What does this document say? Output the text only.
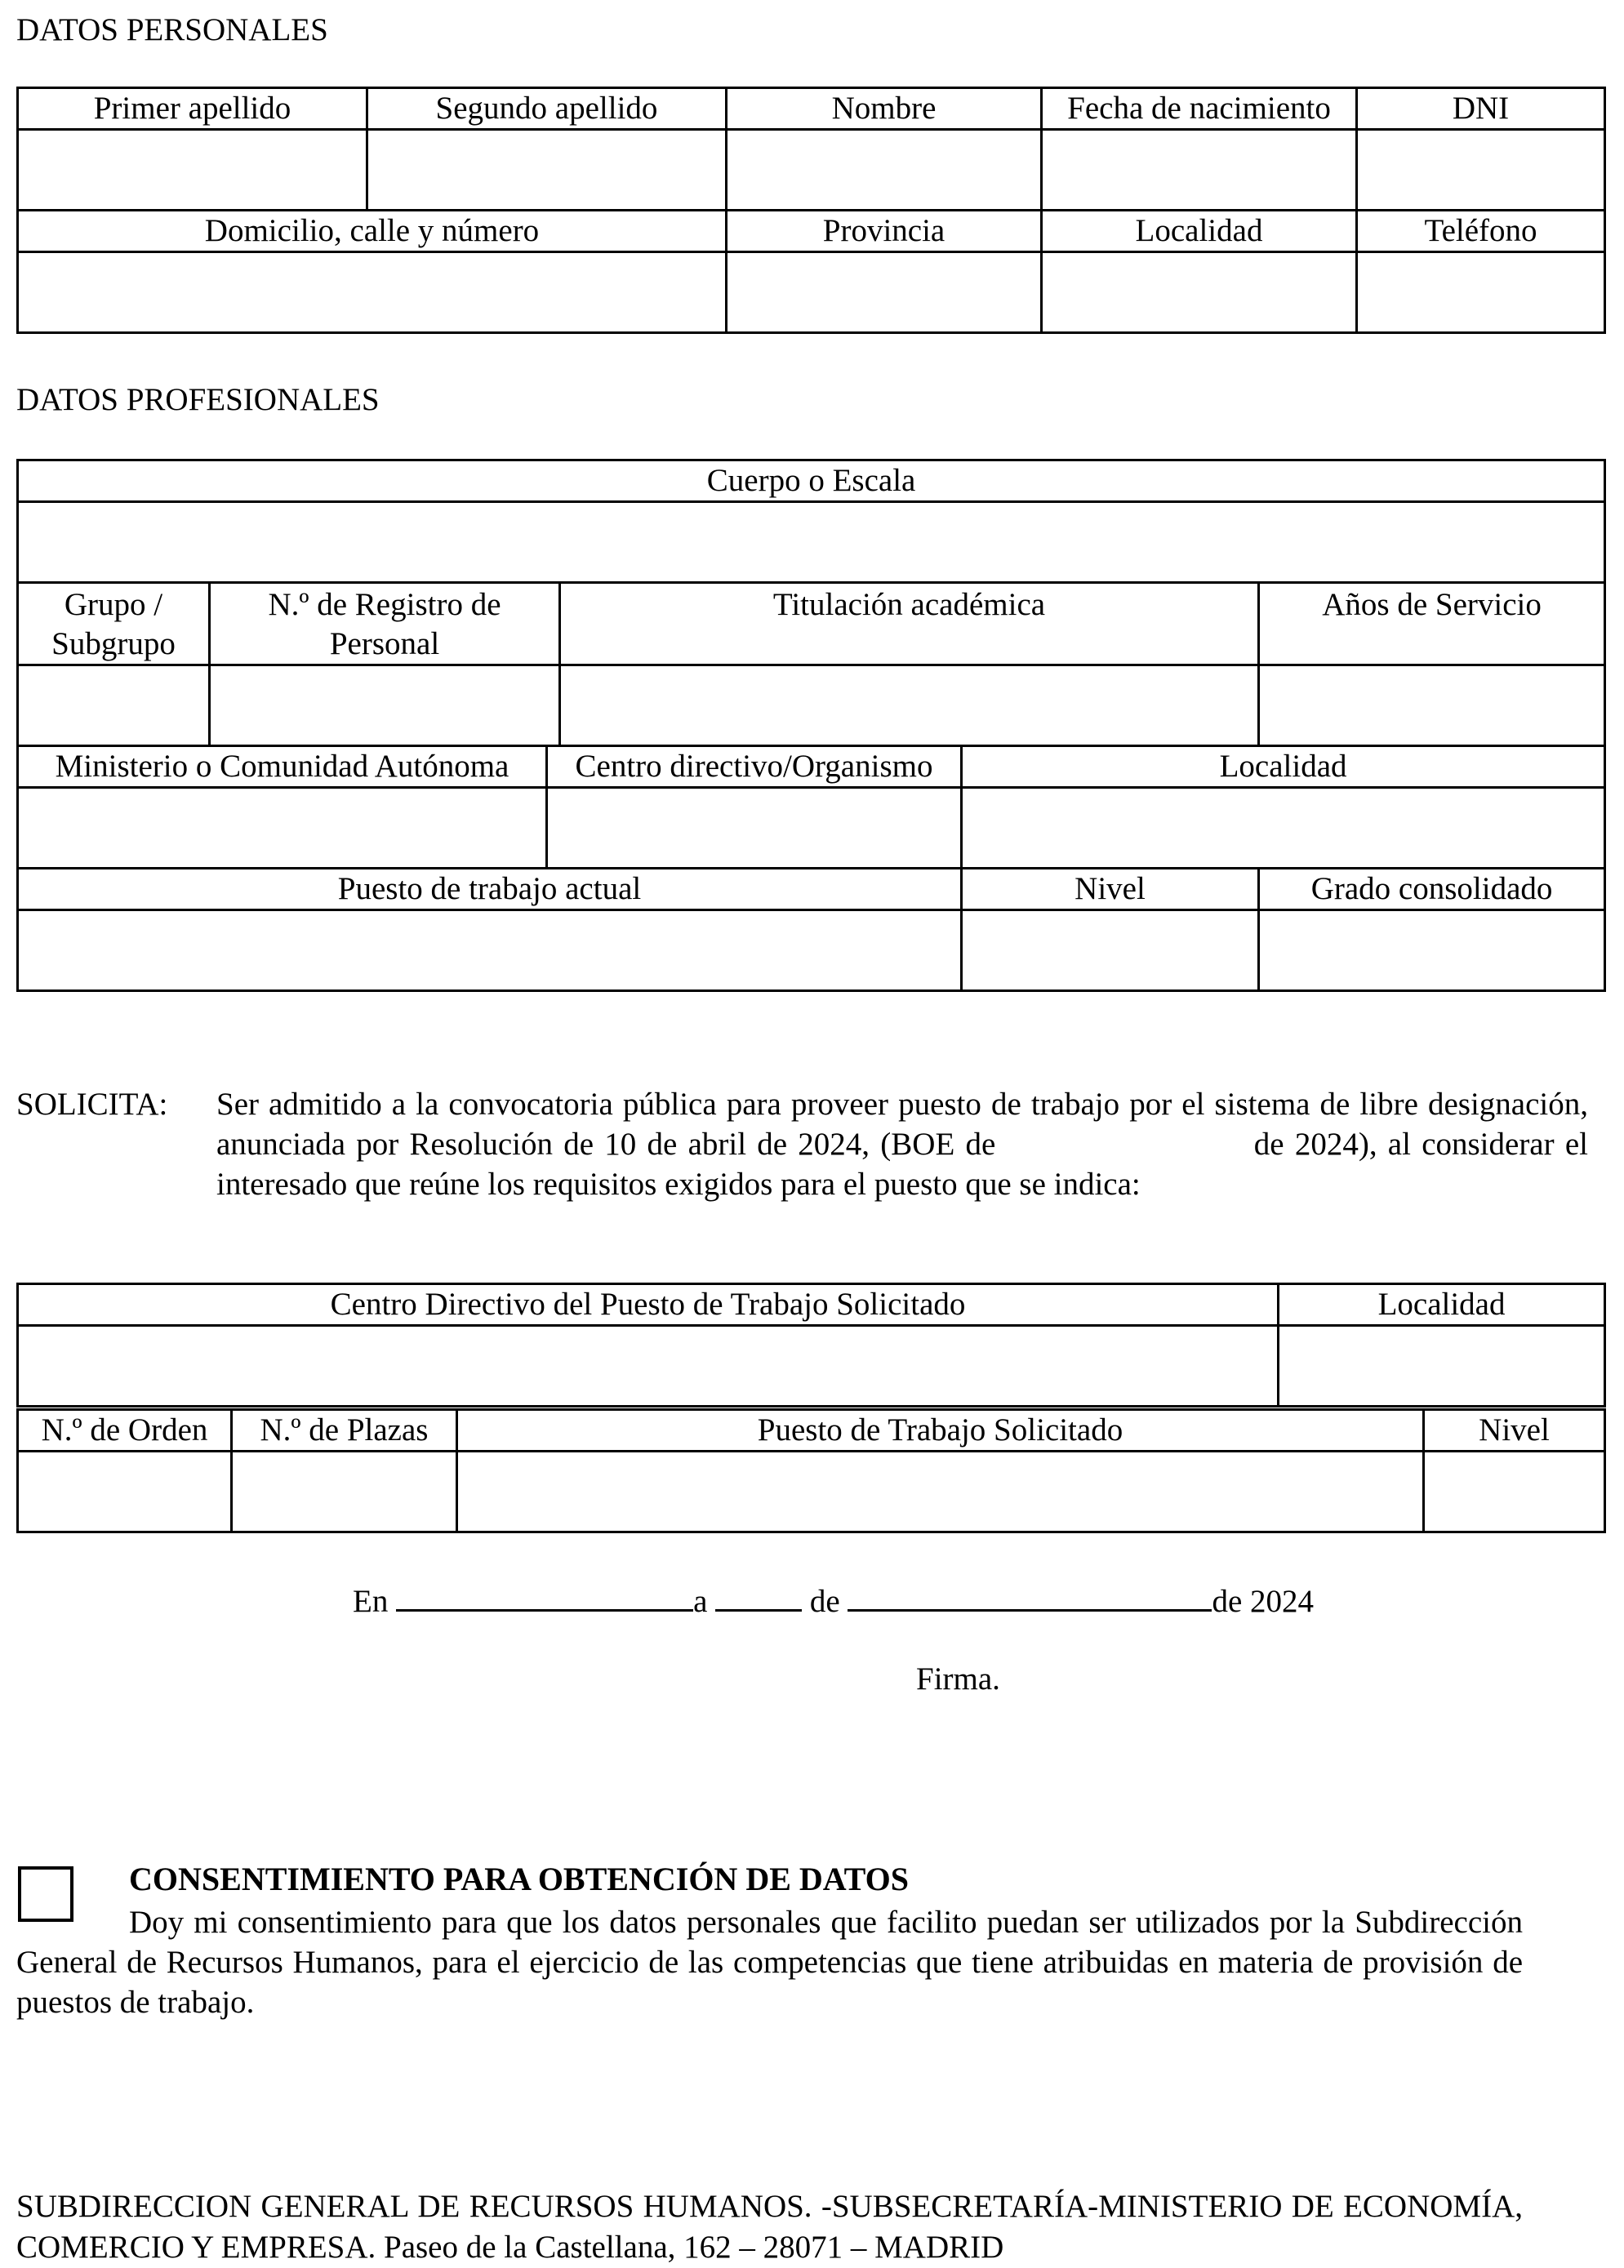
DATOS PERSONALES
Primer apellido	Segundo apellido	Nombre	Fecha de nacimiento	DNI

Domicilio, calle y número		Provincia	Localidad	Teléfono

DATOS PROFESIONALES
Cuerpo o Escala					

Grupo / Subgrupo	N.º de Registro de Personal		Titulación académica		Años de Servicio

Ministerio o Comunidad Autónoma		Centro directivo/Organismo		Localidad	

Puesto de trabajo actual				Nivel	Grado consolidado

SOLICITA: Ser admitido a la convocatoria pública para proveer puesto de trabajo por el sistema de libre designación, anunciada por Resolución de 10 de abril de 2024, (BOE de	de 2024), al considerar el interesado que reúne los requisitos exigidos para el puesto que se indica:
Centro Directivo del Puesto de Trabajo Solicitado	Localidad

N.º de Orden	N.º de Plazas	Puesto de Trabajo Solicitado	Nivel

En	a	de	de 2024
Firma.
CONSENTIMIENTO PARA OBTENCIÓN DE DATOS
Doy mi consentimiento para que los datos personales que facilito puedan ser utilizados por la Subdirección General de Recursos Humanos, para el ejercicio de las competencias que tiene atribuidas en materia de provisión de puestos de trabajo.
SUBDIRECCION GENERAL DE RECURSOS HUMANOS. -SUBSECRETARÍA-MINISTERIO DE ECONOMÍA, COMERCIO Y EMPRESA. Paseo de la Castellana, 162 – 28071 – MADRID
